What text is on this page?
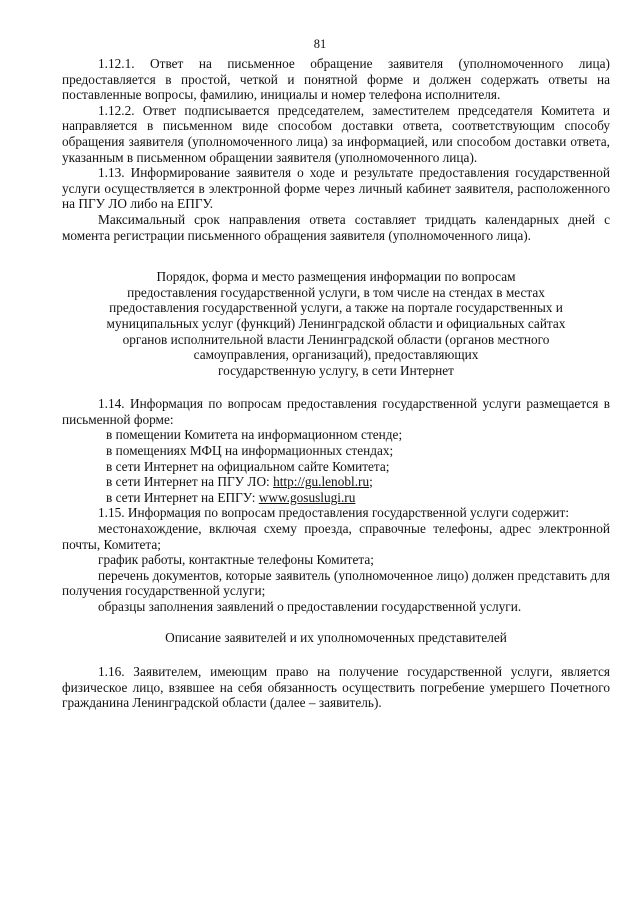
81

1.12.1. Ответ на письменное обращение заявителя (уполномоченного лица) предоставляется в простой, четкой и понятной форме и должен содержать ответы на поставленные вопросы, фамилию, инициалы и номер телефона исполнителя.

1.12.2. Ответ подписывается председателем, заместителем председателя Комитета и направляется в письменном виде способом доставки ответа, соответствующим способу обращения заявителя (уполномоченного лица) за информацией, или способом доставки ответа, указанным в письменном обращении заявителя (уполномоченного лица).

1.13. Информирование заявителя о ходе и результате предоставления государственной услуги осуществляется в электронной форме через личный кабинет заявителя, расположенного на ПГУ ЛО либо на ЕПГУ.

Максимальный срок направления ответа составляет тридцать календарных дней с момента регистрации письменного обращения заявителя (уполномоченного лица).

Порядок, форма и место размещения информации по вопросам
предоставления государственной услуги, в том числе на стендах в местах
предоставления государственной услуги, а также на портале государственных и
муниципальных услуг (функций) Ленинградской области и официальных сайтах
органов исполнительной власти Ленинградской области (органов местного
самоуправления, организаций), предоставляющих
государственную услугу, в сети Интернет

1.14. Информация по вопросам предоставления государственной услуги размещается в письменной форме:

в помещении Комитета на информационном стенде;

в помещениях МФЦ на информационных стендах;

в сети Интернет на официальном сайте Комитета;

в сети Интернет на ПГУ ЛО: http://gu.lenobl.ru;

в сети Интернет на ЕПГУ: www.gosuslugi.ru

1.15. Информация по вопросам предоставления государственной услуги содержит:

местонахождение, включая схему проезда, справочные телефоны, адрес электронной почты, Комитета;

график работы, контактные телефоны Комитета;

перечень документов, которые заявитель (уполномоченное лицо) должен представить для получения государственной услуги;

образцы заполнения заявлений о предоставлении государственной услуги.

Описание заявителей и их уполномоченных представителей

1.16. Заявителем, имеющим право на получение государственной услуги, является физическое лицо, взявшее на себя обязанность осуществить погребение умершего Почетного гражданина Ленинградской области (далее – заявитель).
